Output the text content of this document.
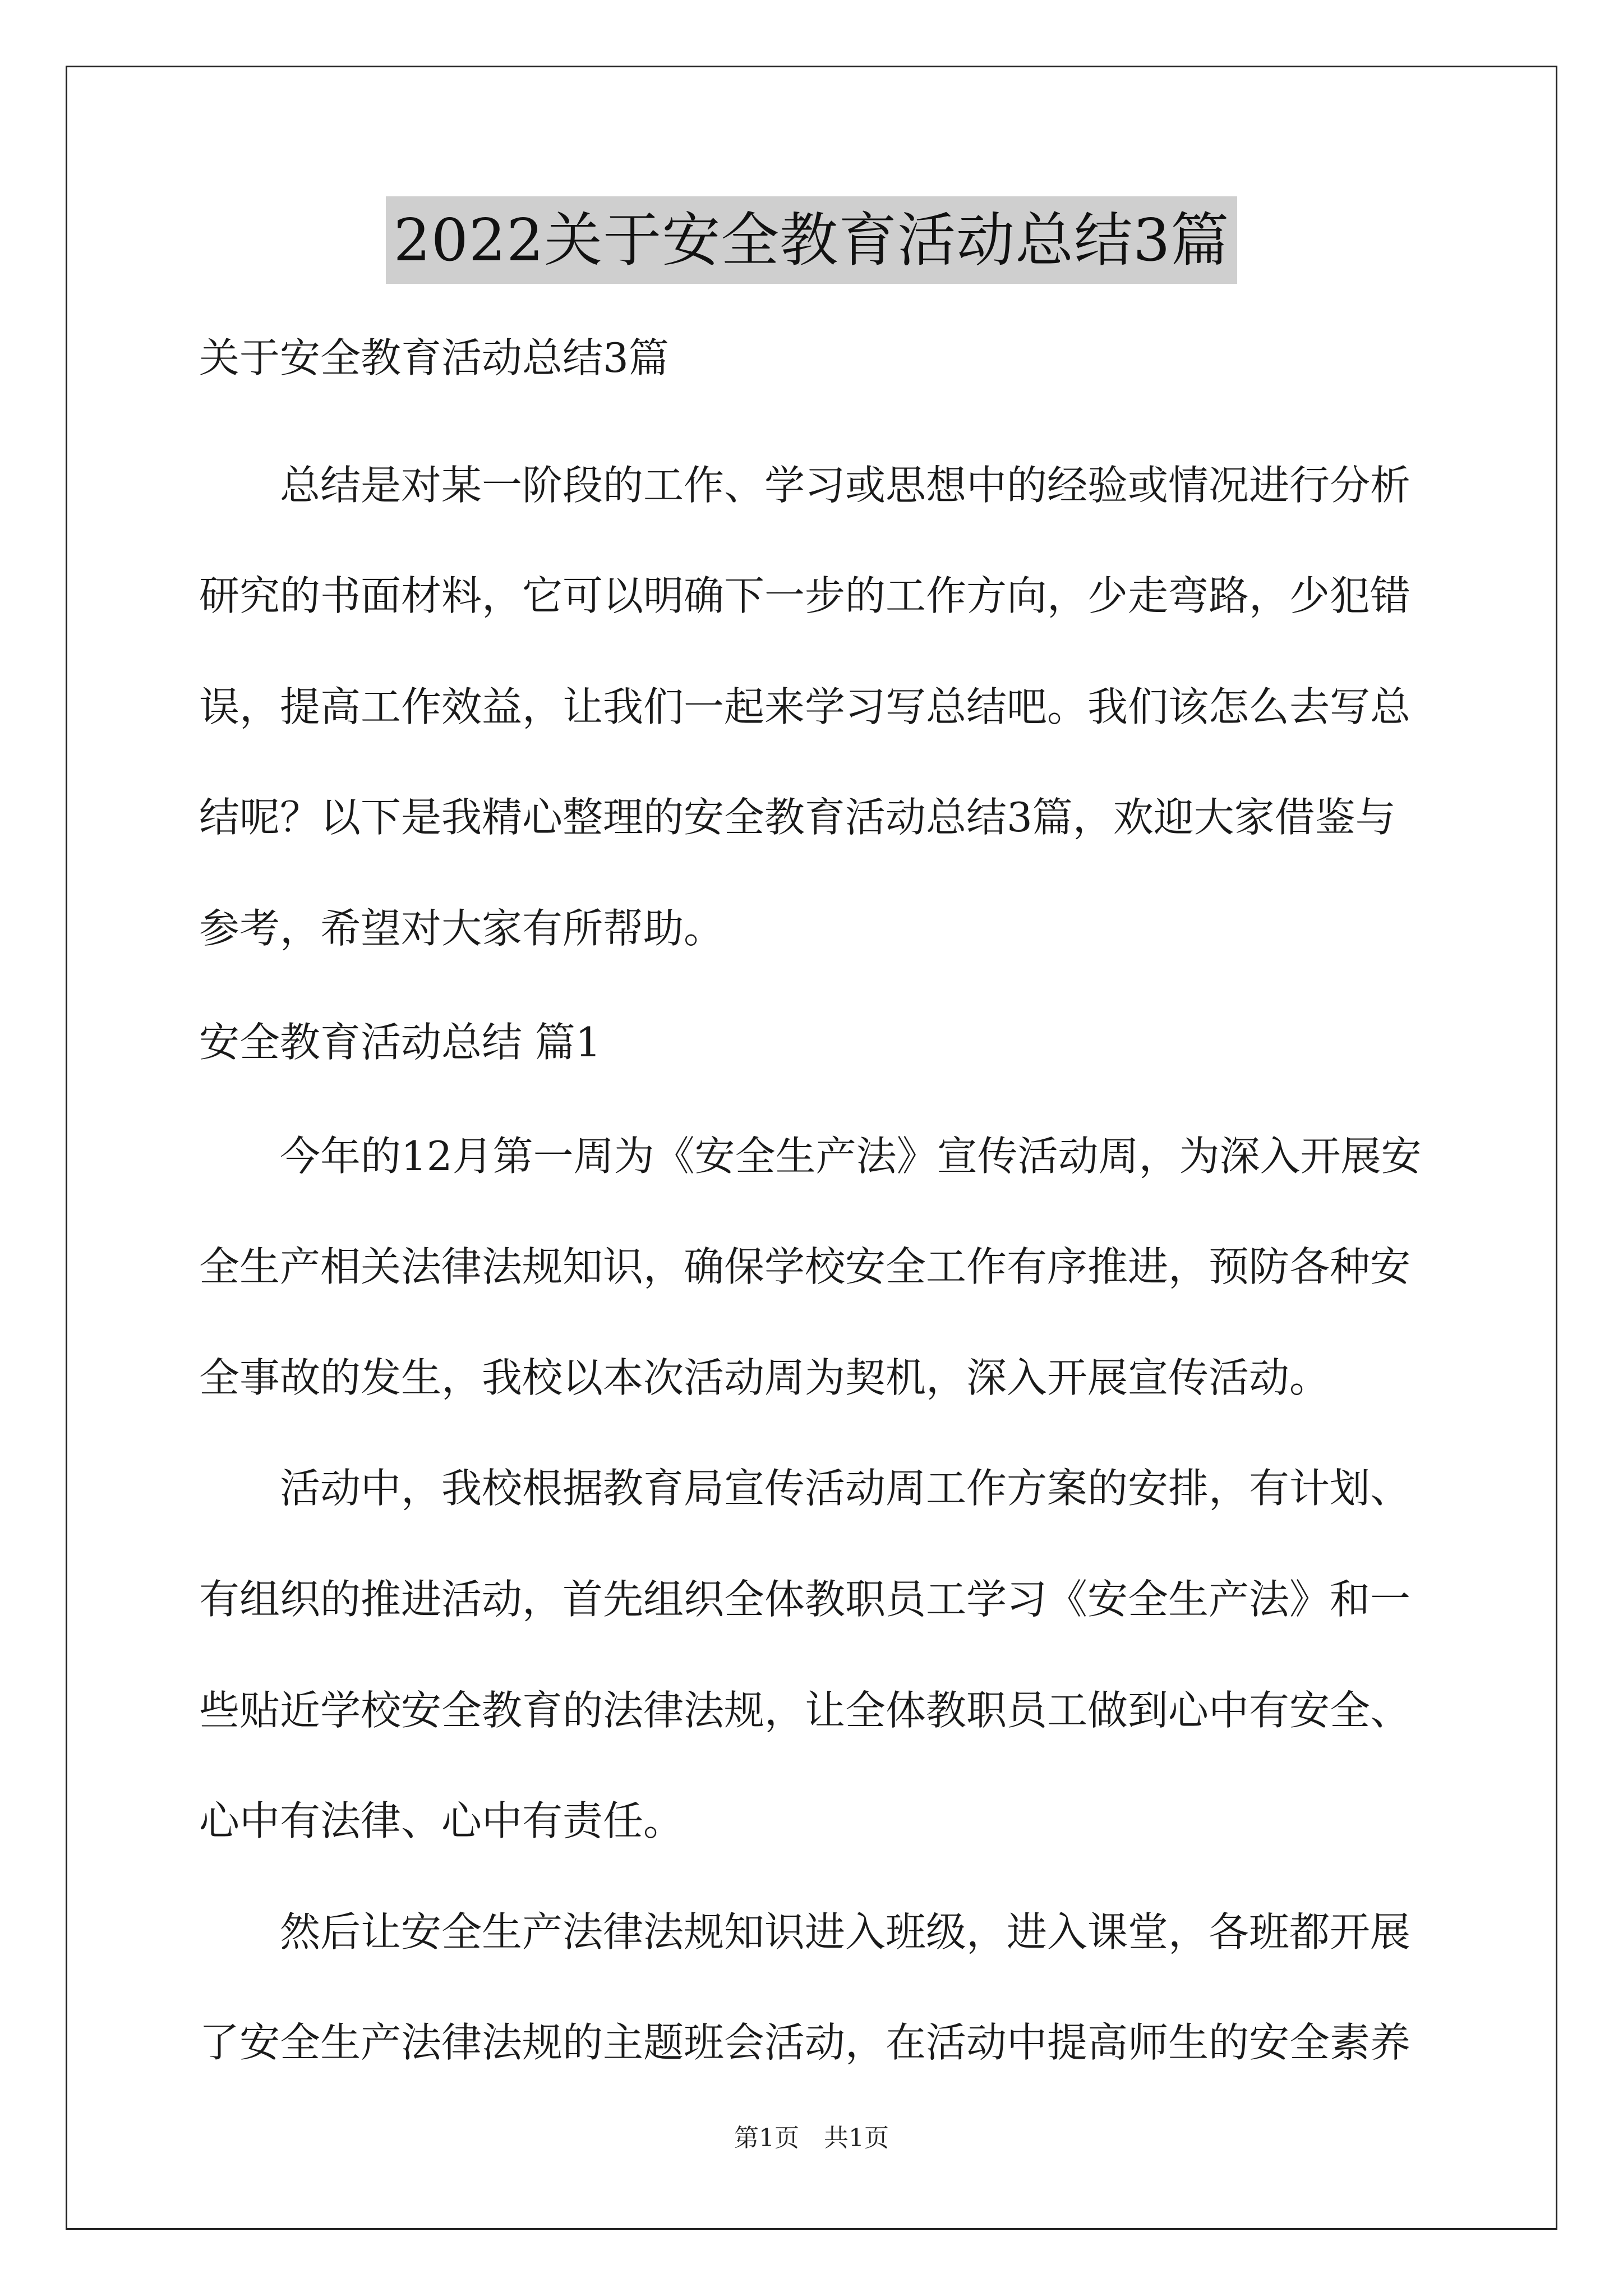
2022关于安全教育活动总结3篇
关于安全教育活动总结3篇
　　总结是对某一阶段的工作、学习或思想中的经验或情况进行分析
研究的书面材料，它可以明确下一步的工作方向，少走弯路，少犯错
误，提高工作效益，让我们一起来学习写总结吧。我们该怎么去写总
结呢？以下是我精心整理的安全教育活动总结3篇，欢迎大家借鉴与
参考，希望对大家有所帮助。
安全教育活动总结 篇1
　　今年的12月第一周为《安全生产法》宣传活动周，为深入开展安
全生产相关法律法规知识，确保学校安全工作有序推进，预防各种安
全事故的发生，我校以本次活动周为契机，深入开展宣传活动。
　　活动中，我校根据教育局宣传活动周工作方案的安排，有计划、
有组织的推进活动，首先组织全体教职员工学习《安全生产法》和一
些贴近学校安全教育的法律法规，让全体教职员工做到心中有安全、
心中有法律、心中有责任。
　　然后让安全生产法律法规知识进入班级，进入课堂，各班都开展
了安全生产法律法规的主题班会活动，在活动中提高师生的安全素养
第1页　共1页
